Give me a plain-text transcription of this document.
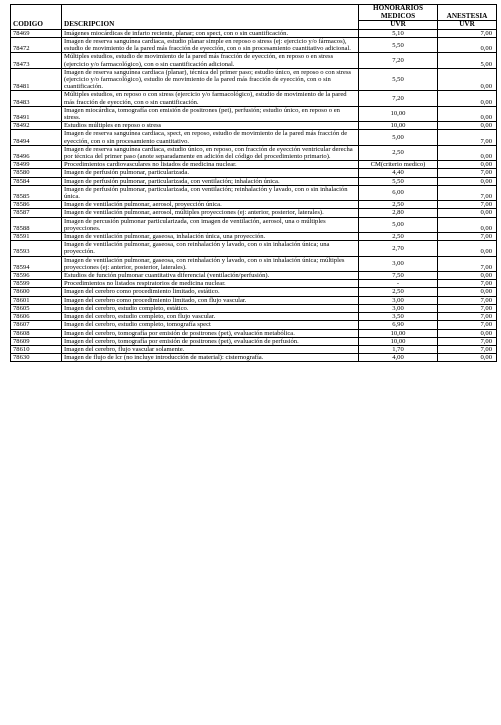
CODIGO	DESCRIPCION	HONORARIOS MEDICOS	ANESTESIA
		UVR	UVR
78469	Imágenes miocárdicas de infarto reciente, planar; con spect, con o sin cuantificación.	5,10	7,00
78472	Imagen de reserva sanguínea cardiaca, estudio planar simple en reposo o stress (ej: ejercicio y/o fármacos), estudio de movimiento de la pared más fracción de eyección, con o sin procesamiento cuantitativo adicional.	5,50	0,00
78473	Múltiples estudios, estudio de movimiento de la pared más fracción de eyección, en reposo o en stress (ejercicio y/o farmacológico), con o sin cuantificación adicional.	7,20	5,00
78481	Imagen de reserva sanguínea cardiaca (planar), técnica del primer paso; estudio único, en reposo o con stress (ejercicio y/o farmacológico), estudio de movimiento de la pared más fracción de eyección, con o sin cuantificación.	5,50	0,00
78483	Múltiples estudios, en reposo o con stress (ejercicio y/o farmacológico), estudio de movimiento de la pared más fracción de eyección, con o sin cuantificación.	7,20	0,00
78491	Imagen miocárdica, tomografía con emisión de positrones (pet), perfusión; estudio único, en reposo o en stress.	10,00	0,00
78492	Estudios múltiples en reposo o stress	10,00	0,00
78494	Imagen de reserva sanguínea cardiaca, spect, en reposo, estudio de movimiento de la pared más fracción de eyección, con o sin procesamiento cuantitativo.	5,00	7,00
78496	Imagen de reserva sanguínea cardiaca, estudio único, en reposo, con fracción de eyección ventricular derecha por técnica del primer paso (anote separadamente en adición del código del procedimiento primario).	2,50	0,00
78499	Procedimientos cardiovasculares no listados de medicina nuclear.	CM(criterio medico)	0,00
78580	Imagen de perfusión pulmonar, particularizada.	4,40	7,00
78584	Imagen de perfusión pulmonar, particularizada, con ventilación; inhalación única.	5,50	0,00
78585	Imagen de perfusión pulmonar, particularizada, con ventilación; reinhalación y lavado, con o sin inhalación única.	6,00	7,00
78586	Imagen de ventilación pulmonar, aerosol, proyección única.	2,50	7,00
78587	Imagen de ventilación pulmonar, aerosol, múltiples proyecciones (ej: anterior, posterior, laterales).	2,80	0,00
78588	Imagen de percusión pulmonar particularizada, con imagen de ventilación, aerosol, una o múltiples proyecciones.	5,00	0,00
78591	Imagen de ventilación pulmonar, gaseosa, inhalación única, una proyección.	2,50	7,00
78593	Imagen de ventilación pulmonar, gaseosa, con reinhalación y lavado, con o sin inhalación única; una proyección.	2,70	0,00
78594	Imagen de ventilación pulmonar, gaseosa, con reinhalación y lavado, con o sin inhalación única; múltiples proyecciones (ej: anterior, posterior, laterales).	3,00	7,00
78596	Estudios de función pulmonar cuantitativa diferencial (ventilación/perfusión).	7,50	0,00
78599	Procedimientos no listados respiratorios de medicina nuclear.	-	7,00
78600	Imagen del cerebro como procedimiento limitado, estático.	2,50	0,00
78601	Imagen del cerebro como procedimiento limitado, con flujo vascular.	3,00	7,00
78605	Imagen del cerebro, estudio completo, estático.	3,00	7,00
78606	Imagen del cerebro, estudio completo, con flujo vascular.	3,50	7,00
78607	Imagen del cerebro, estudio completo, tomografía spect	6,90	7,00
78608	Imagen del cerebro, tomografía por emisión de positrones (pet), evaluación metabólica.	10,00	0,00
78609	Imagen del cerebro, tomografía por emisión de positrones (pet), evaluación de perfusión.	10,00	7,00
78610	Imagen del cerebro, flujo vascular solamente.	1,70	7,00
78630	Imagen de flujo de lcr (no incluye introducción de material): cisternografía.	4,00	0,00
